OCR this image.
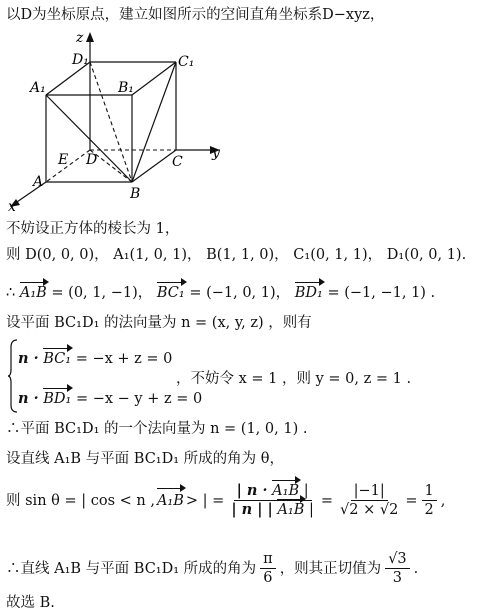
以D为坐标原点，建立如图所示的空间直角坐标系D−xyz，
z
D₁	C₁
A₁	B₁
E D	C
y
A
B
x
不妨设正方体的棱长为 1，
则 D(0, 0, 0)， A₁(1, 0, 1)， B(1, 1, 0)， C₁(0, 1, 1)， D₁(0, 0, 1).
∴ A₁B = (0, 1, −1)， BC₁ = (−1, 0, 1)， BD₁ = (−1, −1, 1) .
设平面 BC₁D₁ 的法向量为 n = (x, y, z) ，则有
n · BC₁ = −x + z = 0
n · BD₁ = −x − y + z = 0
，不妨令 x = 1 ，则 y = 0, z = 1 .
∴平面 BC₁D₁ 的一个法向量为 n = (1, 0, 1) .
设直线 A₁B 与平面 BC₁D₁ 所成的角为 θ，
则 sin θ = | cos < n , A₁B > | = $\frac{\text{| n · A₁B |}}{\text{| n | | A₁B |}} = \frac{|-1|}{√2 \times √2} = \frac{1}{2}$ ,
∴直线 A₁B 与平面 BC₁D₁ 所成的角为 $\frac{\pi}{6}$ ，则其正切值为 $\frac{√3}{3}$ .
故选 B.
